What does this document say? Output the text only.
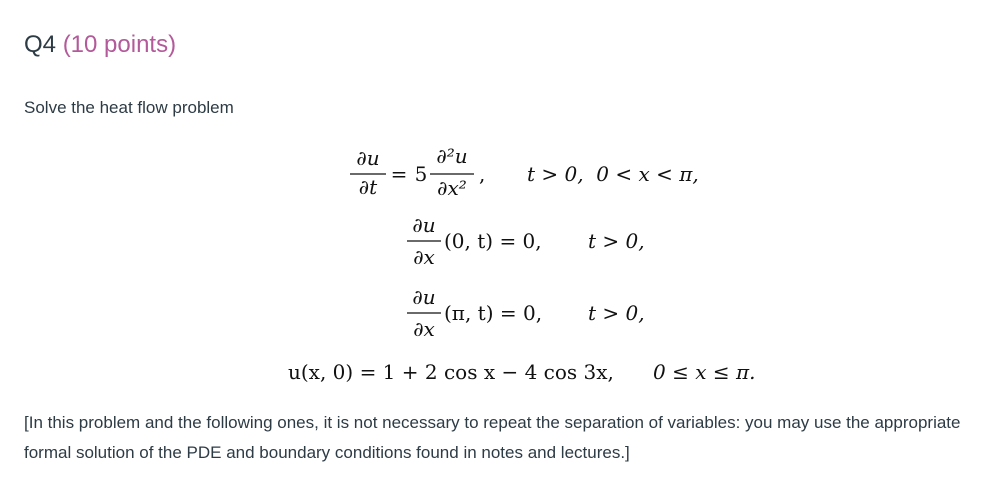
Q4 (10 points)
Solve the heat flow problem
∂u
∂t
= 5
∂²u
∂x²
, t > 0,  0 < x < π,
∂u
∂x
(0, t) = 0, t > 0,
∂u
∂x
(π, t) = 0, t > 0,
u(x, 0) = 1 + 2 cos x − 4 cos 3x, 0 ≤ x ≤ π.
[In this problem and the following ones, it is not necessary to repeat the separation of variables: you may use the appropriate formal solution of the PDE and boundary conditions found in notes and lectures.]
